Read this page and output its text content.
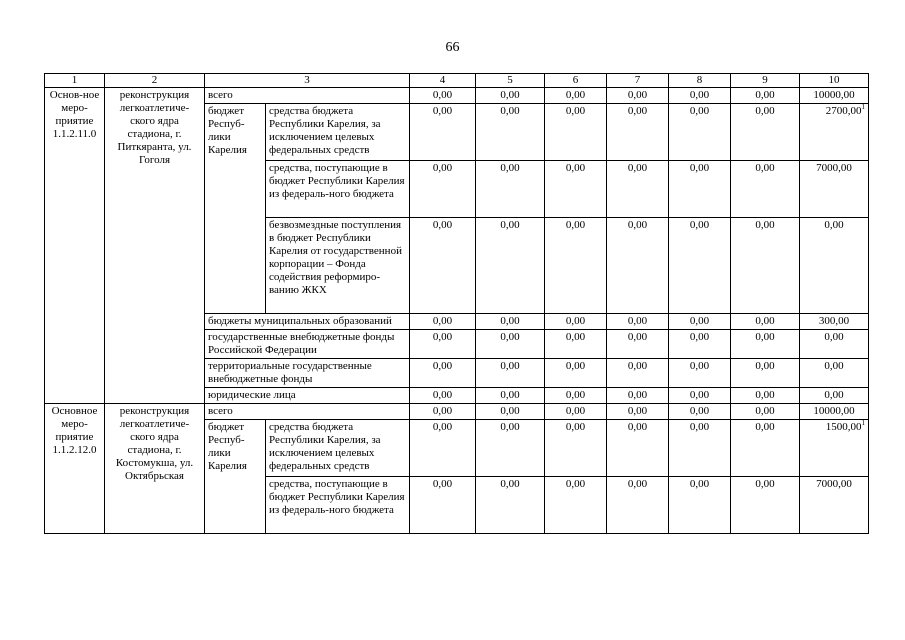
66
1	2	3		4	5	6	7	8	9	10
Основ-ное меро-приятие 1.1.2.11.0	реконструкция легкоатлетиче-ского ядра стадиона, г. Питкяранта, ул. Гоголя	всего		0,00	0,00	0,00	0,00	0,00	0,00	10000,00
		бюджет Респуб-лики Карелия	средства бюджета Республики Карелия, за исключением целевых федеральных средств	0,00	0,00	0,00	0,00	0,00	0,00	2700,00$^1$
			средства, поступающие в бюджет Республики Карелия из федераль-ного бюджета	0,00	0,00	0,00	0,00	0,00	0,00	7000,00
			безвозмездные поступления в бюджет Республики Карелия от государственной корпорации – Фонда содействия реформиро-ванию ЖКХ	0,00	0,00	0,00	0,00	0,00	0,00	0,00
		бюджеты муниципальных образований		0,00	0,00	0,00	0,00	0,00	0,00	300,00
		государственные внебюджетные фонды Российской Федерации		0,00	0,00	0,00	0,00	0,00	0,00	0,00
		территориальные государственные внебюджетные фонды		0,00	0,00	0,00	0,00	0,00	0,00	0,00
		юридические лица		0,00	0,00	0,00	0,00	0,00	0,00	0,00
Основное меро-приятие 1.1.2.12.0	реконструкция легкоатлетиче-ского ядра стадиона, г. Костомукша, ул. Октябрьская	всего		0,00	0,00	0,00	0,00	0,00	0,00	10000,00
		бюджет Респуб-лики Карелия	средства бюджета Республики Карелия, за исключением целевых федеральных средств	0,00	0,00	0,00	0,00	0,00	0,00	1500,00$^1$
			средства, поступающие в бюджет Республики Карелия из федераль-ного бюджета	0,00	0,00	0,00	0,00	0,00	0,00	7000,00
